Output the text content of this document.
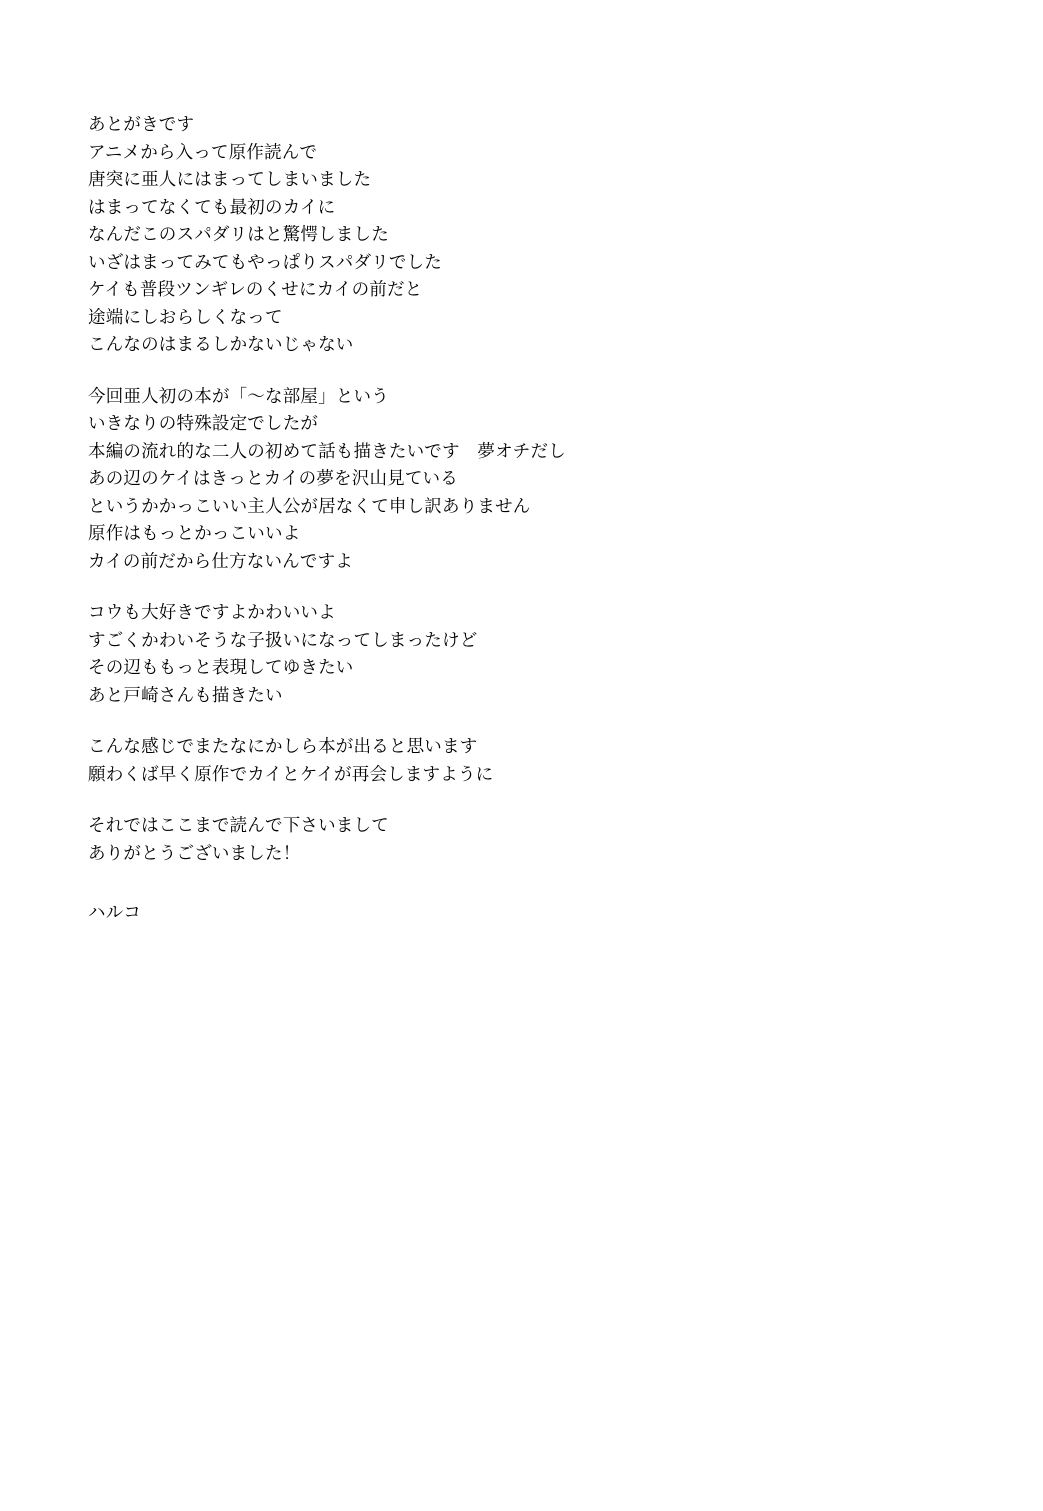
あとがきです
アニメから入って原作読んで
唐突に亜人にはまってしまいました
はまってなくても最初のカイに
なんだこのスパダリはと驚愕しました
いざはまってみてもやっぱりスパダリでした
ケイも普段ツンギレのくせにカイの前だと
途端にしおらしくなって
こんなのはまるしかないじゃない
今回亜人初の本が「～な部屋」という
いきなりの特殊設定でしたが
本編の流れ的な二人の初めて話も描きたいです　夢オチだし
あの辺のケイはきっとカイの夢を沢山見ている
というかかっこいい主人公が居なくて申し訳ありません
原作はもっとかっこいいよ
カイの前だから仕方ないんですよ
コウも大好きですよかわいいよ
すごくかわいそうな子扱いになってしまったけど
その辺ももっと表現してゆきたい
あと戸崎さんも描きたい
こんな感じでまたなにかしら本が出ると思います
願わくば早く原作でカイとケイが再会しますように
それではここまで読んで下さいまして
ありがとうございました！
ハルコ
